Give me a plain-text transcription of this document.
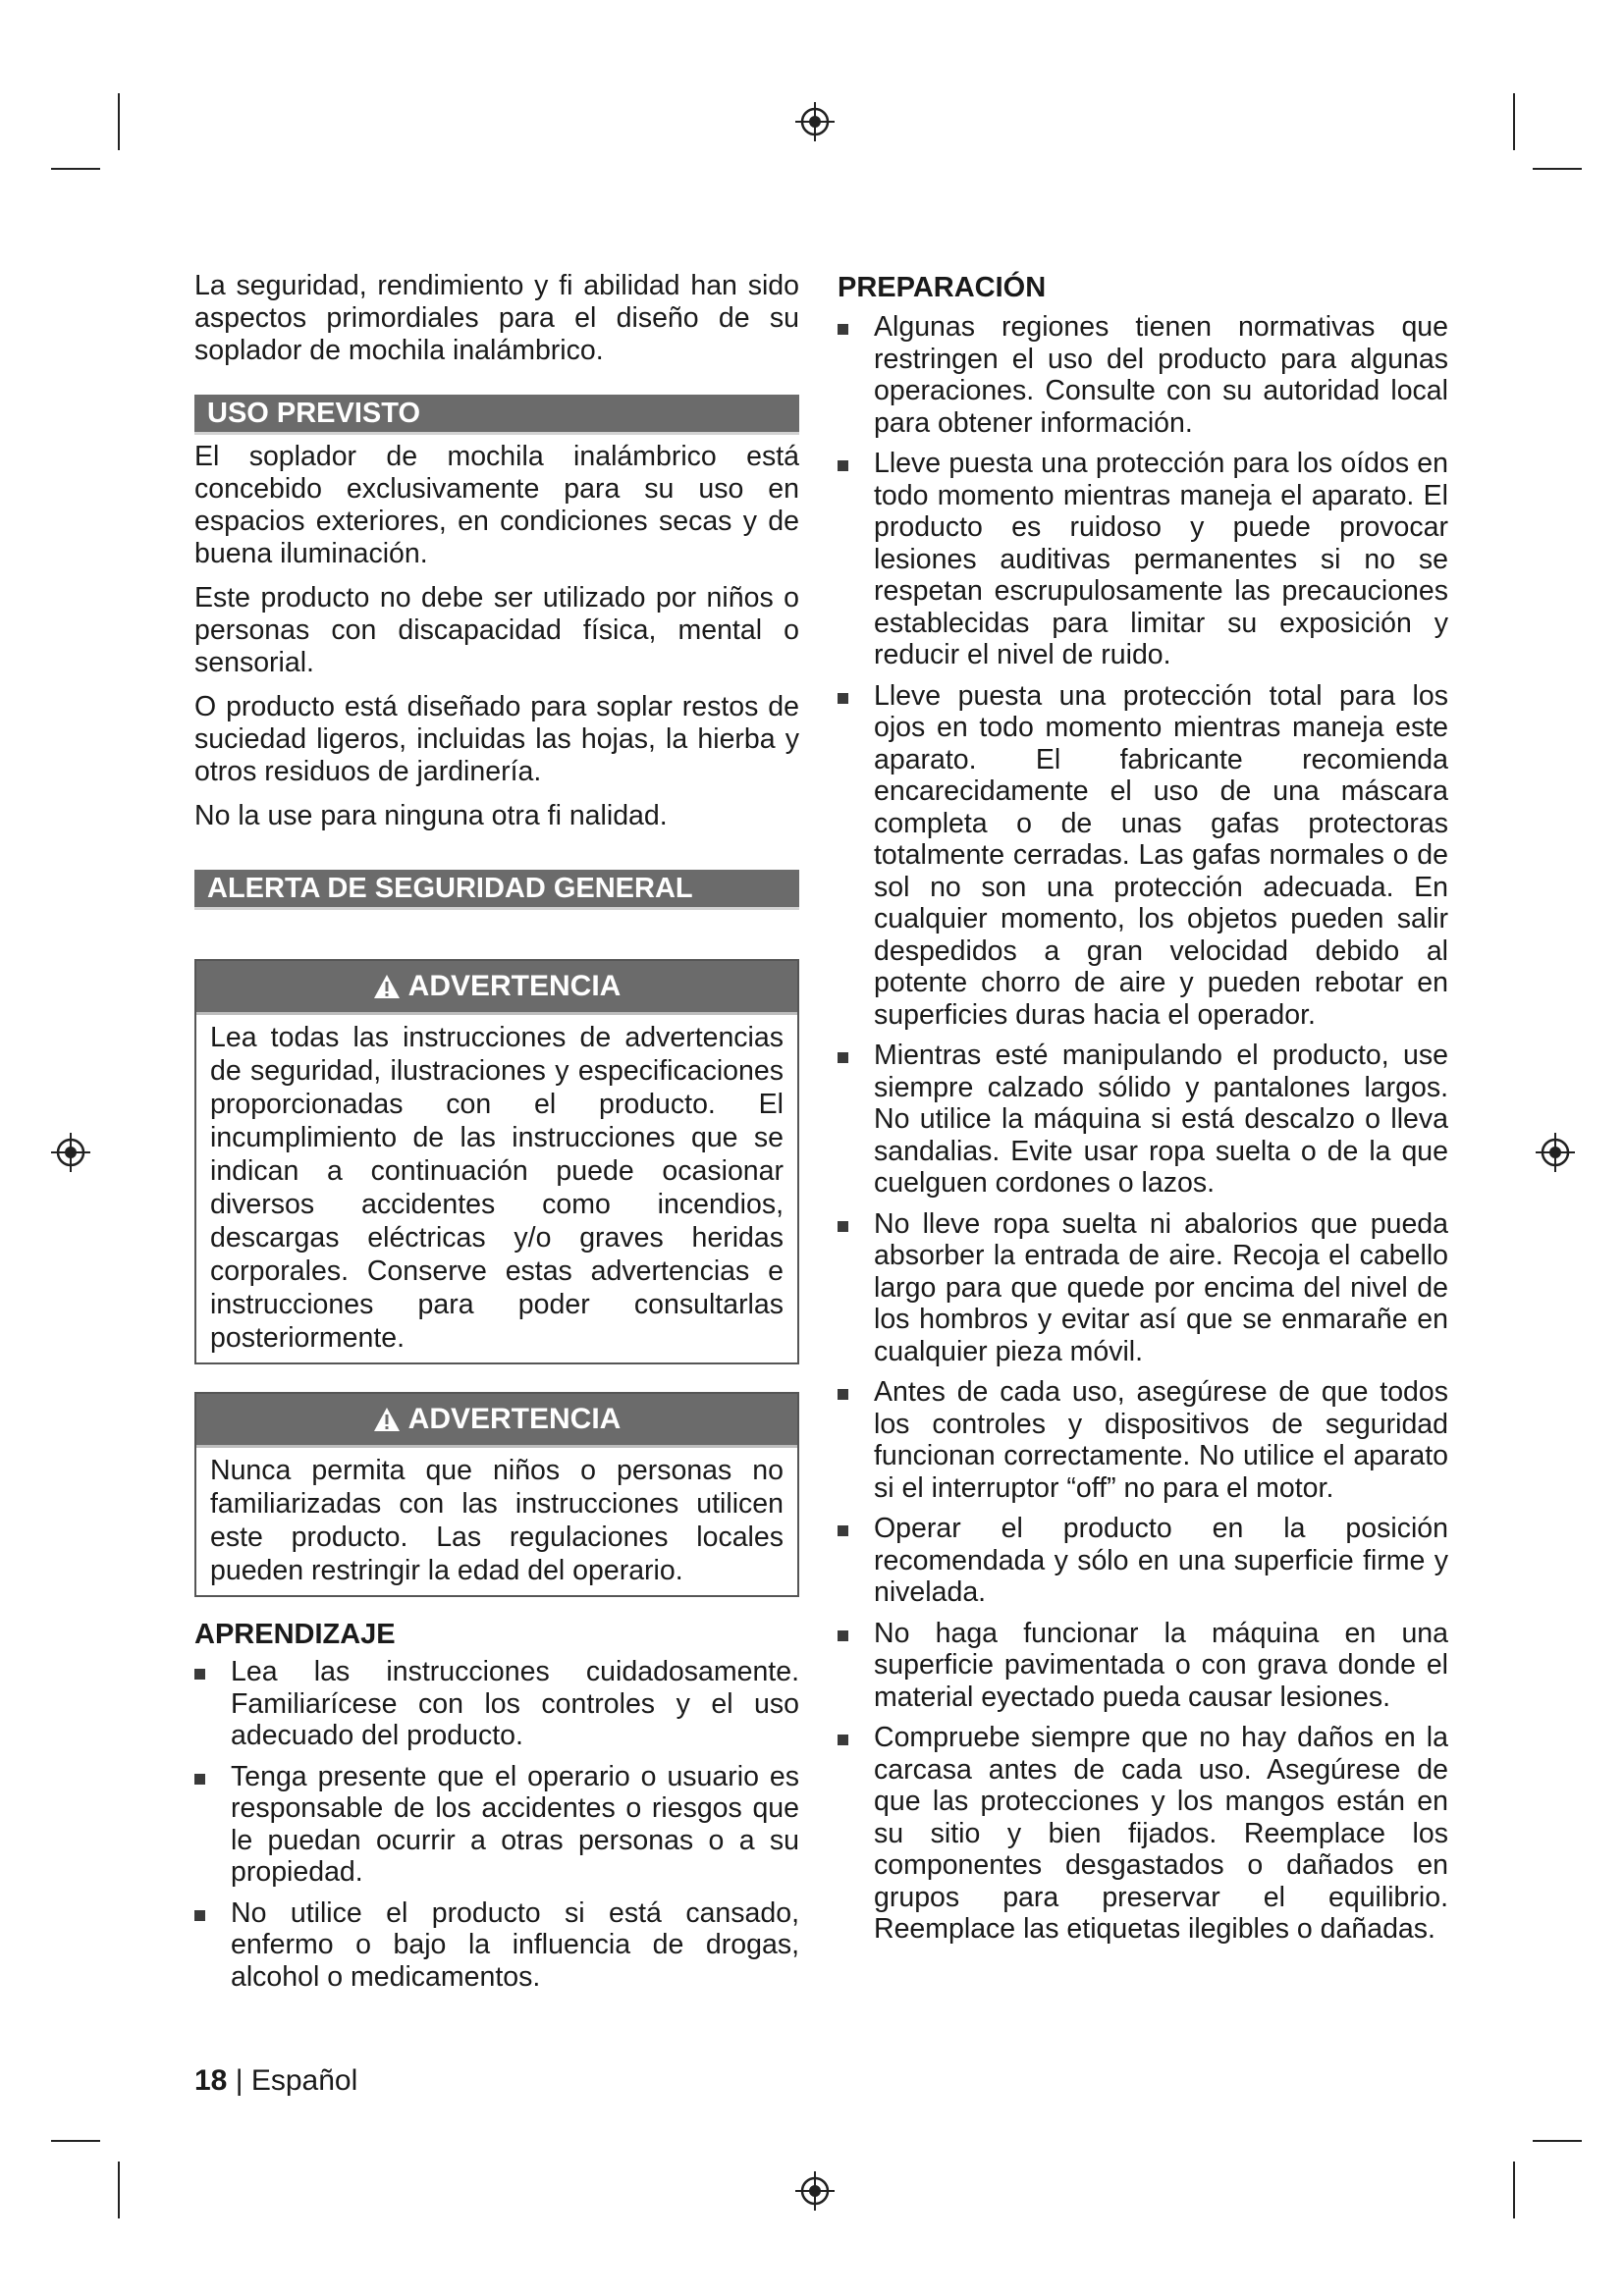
La seguridad, rendimiento y fi abilidad han sido aspectos primordiales para el diseño de su soplador de mochila inalámbrico.

USO PREVISTO

El soplador de mochila inalámbrico está concebido exclusivamente para su uso en espacios exteriores, en condiciones secas y de buena iluminación.

Este producto no debe ser utilizado por niños o personas con discapacidad física, mental o sensorial.

O producto está diseñado para soplar restos de suciedad ligeros, incluidas las hojas, la hierba y otros residuos de jardinería.

No la use para ninguna otra fi nalidad.

ALERTA DE SEGURIDAD GENERAL
ADVERTENCIA

Lea todas las instrucciones de advertencias de seguridad, ilustraciones y especificaciones proporcionadas con el producto. El incumplimiento de las instrucciones que se indican a continuación puede ocasionar diversos accidentes como incendios, descargas eléctricas y/o graves heridas corporales. Conserve estas advertencias e instrucciones para poder consultarlas posteriormente.

ADVERTENCIA

Nunca permita que niños o personas no familiarizadas con las instrucciones utilicen este producto. Las regulaciones locales pueden restringir la edad del operario.

APRENDIZAJE
Lea las instrucciones cuidadosamente. Familiarícese con los controles y el uso adecuado del producto.
Tenga presente que el operario o usuario es responsable de los accidentes o riesgos que le puedan ocurrir a otras personas o a su propiedad.
No utilice el producto si está cansado, enfermo o bajo la influencia de drogas, alcohol o medicamentos.
PREPARACIÓN
Algunas regiones tienen normativas que restringen el uso del producto para algunas operaciones. Consulte con su autoridad local para obtener información.
Lleve puesta una protección para los oídos en todo momento mientras maneja el aparato. El producto es ruidoso y puede provocar lesiones auditivas permanentes si no se respetan escrupulosamente las precauciones establecidas para limitar su exposición y reducir el nivel de ruido.
Lleve puesta una protección total para los ojos en todo momento mientras maneja este aparato. El fabricante recomienda encarecidamente el uso de una máscara completa o de unas gafas protectoras totalmente cerradas. Las gafas normales o de sol no son una protección adecuada. En cualquier momento, los objetos pueden salir despedidos a gran velocidad debido al potente chorro de aire y pueden rebotar en superficies duras hacia el operador.
Mientras esté manipulando el producto, use siempre calzado sólido y pantalones largos. No utilice la máquina si está descalzo o lleva sandalias. Evite usar ropa suelta o de la que cuelguen cordones o lazos.
No lleve ropa suelta ni abalorios que pueda absorber la entrada de aire. Recoja el cabello largo para que quede por encima del nivel de los hombros y evitar así que se enmarañe en cualquier pieza móvil.
Antes de cada uso, asegúrese de que todos los controles y dispositivos de seguridad funcionan correctamente. No utilice el aparato si el interruptor “off” no para el motor.
Operar el producto en la posición recomendada y sólo en una superficie firme y nivelada.
No haga funcionar la máquina en una superficie pavimentada o con grava donde el material eyectado pueda causar lesiones.
Compruebe siempre que no hay daños en la carcasa antes de cada uso. Asegúrese de que las protecciones y los mangos están en su sitio y bien fijados. Reemplace los componentes desgastados o dañados en grupos para preservar el equilibrio. Reemplace las etiquetas ilegibles o dañadas.
18 | Español
